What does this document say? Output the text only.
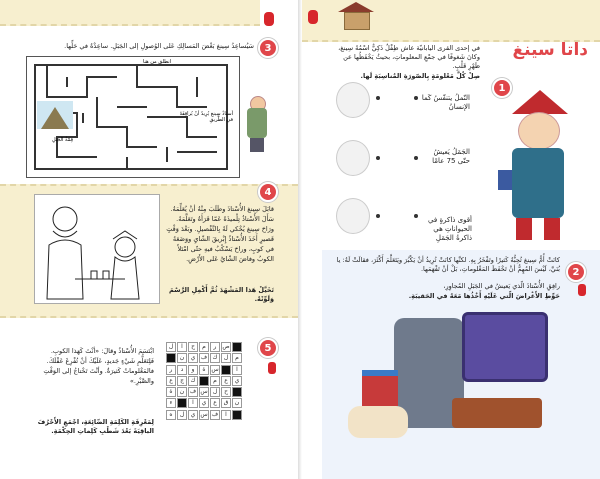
3
سَيُساعِدُ سِينغ بَعْضَ المَسالِكِ عَلى الوُصولِ إلى الجَبَلِ. ساعِدْهُ في حَلِّها.
انطلق من هنا
قِمّةُ الجَبَلِ
أستاذُ سِينغ يُرِيدُ أنْ يُرافِقَهُ في الطّريقِ
4
قابَلَ سِينغ الأُسْتاذَ وطَلَبَ مِنْهُ أنْ يُعَلِّمَهُ. سَأَلَ الأُسْتاذُ تِلْميذَهُ عَمّا قَرَأَهُ وتَعَلَّمَهُ. ورَاحَ سِينغ يُحْكي لَهُ بِالتَّفْصيلِ. وبَعْدَ وَقْتٍ قَصيرٍ أَخَذَ الأُسْتاذُ إِبْريقَ الشّايِ ووَضَعَهُ في كوبٍ، وراحَ يَسْكُبُ فيهِ حتّى امْتَلأَ الكوبُ وفاضَ الشّايُ عَلى الأَرْضِ.
تَخَيَّلْ هَذا المَشْهَدَ ثُمَّ أَكْمِلِ الرَّسْمَ وَلَوِّنْهُ.
5
ل	ا	ح	م	ر ص
ن	ي ف ك	ل	م
ر	د	و	ة س	ا
ع	ج	ك	م	ع	ي
ة	ن ف س ل	ح
ء	ا	ي	ع	ق	ن
ه	ل	ي س ف	ا
ابْتَسَمَ الأُسْتاذُ وقالَ: «أنْتَ كَهَذا الكوبِ. فَلِتَعَلُّمِ شَيْءٍ جَديدٍ، عَلَيْكَ أنْ تُفْرِغَ عَقْلَكَ. فالمَعْلوماتُ كَثيرَةٌ. وأنْتَ تَحْتاجُ إلى الوَقْتِ والصَّبْرِ.»
لِمَعْرِفَةِ الكَلِمَةِ الضّائِعَةِ، اجْمَعِ الأَحْرُفَ الباقِيَةَ بَعْدَ شَطْبِ كَلِماتِ الحِكْمَةِ.
داتا سينغ
في إحدى القرى اليابانيّة عاش طِفْلٌ ذَكِيٌّ اسْمُهُ سِينغ، وكانَ شَغوفًا في جمْعِ المعلوماتِ، بحيثُ يَحْفَظُها عن ظَهْرِ قَلْبٍ.
صِلْ كُلَّ مَعْلومَةٍ بِالصّورَةِ المُناسِبَةِ لَها.
1
النّملُ يتنفّسُ كَما الإنسانُ
الجَمَلُ يَعيشُ حتّى 75 عامًا
أقوى ذاكرةٍ في الحيواناتِ هي ذاكرةُ الجَمَلِ
2
كانَتْ أُمُّ سِينغ تُحِبُّهُ كَثيرًا وتَفْخَرُ بِهِ. لكنَّها كانَتْ تُرِيدُ أنْ يَكْبُرَ ويَتَعَلَّمَ أَكْثَرَ، فقالَتْ لَهُ: يا بُنَيَّ، لَيْسَ المُهِمُّ أنْ تَحْفَظَ المَعْلوماتِ، بَلْ أنْ تَفْهَمَها.
رافِقِ الأُسْتاذَ الّذي يَعيشُ في الجَبَلِ المُجاوِرِ،
حَوِّطِ الأَغْراضَ الّتي عَلَيْهِ أَخْذُها مَعَهُ في الحَقيبَةِ.
